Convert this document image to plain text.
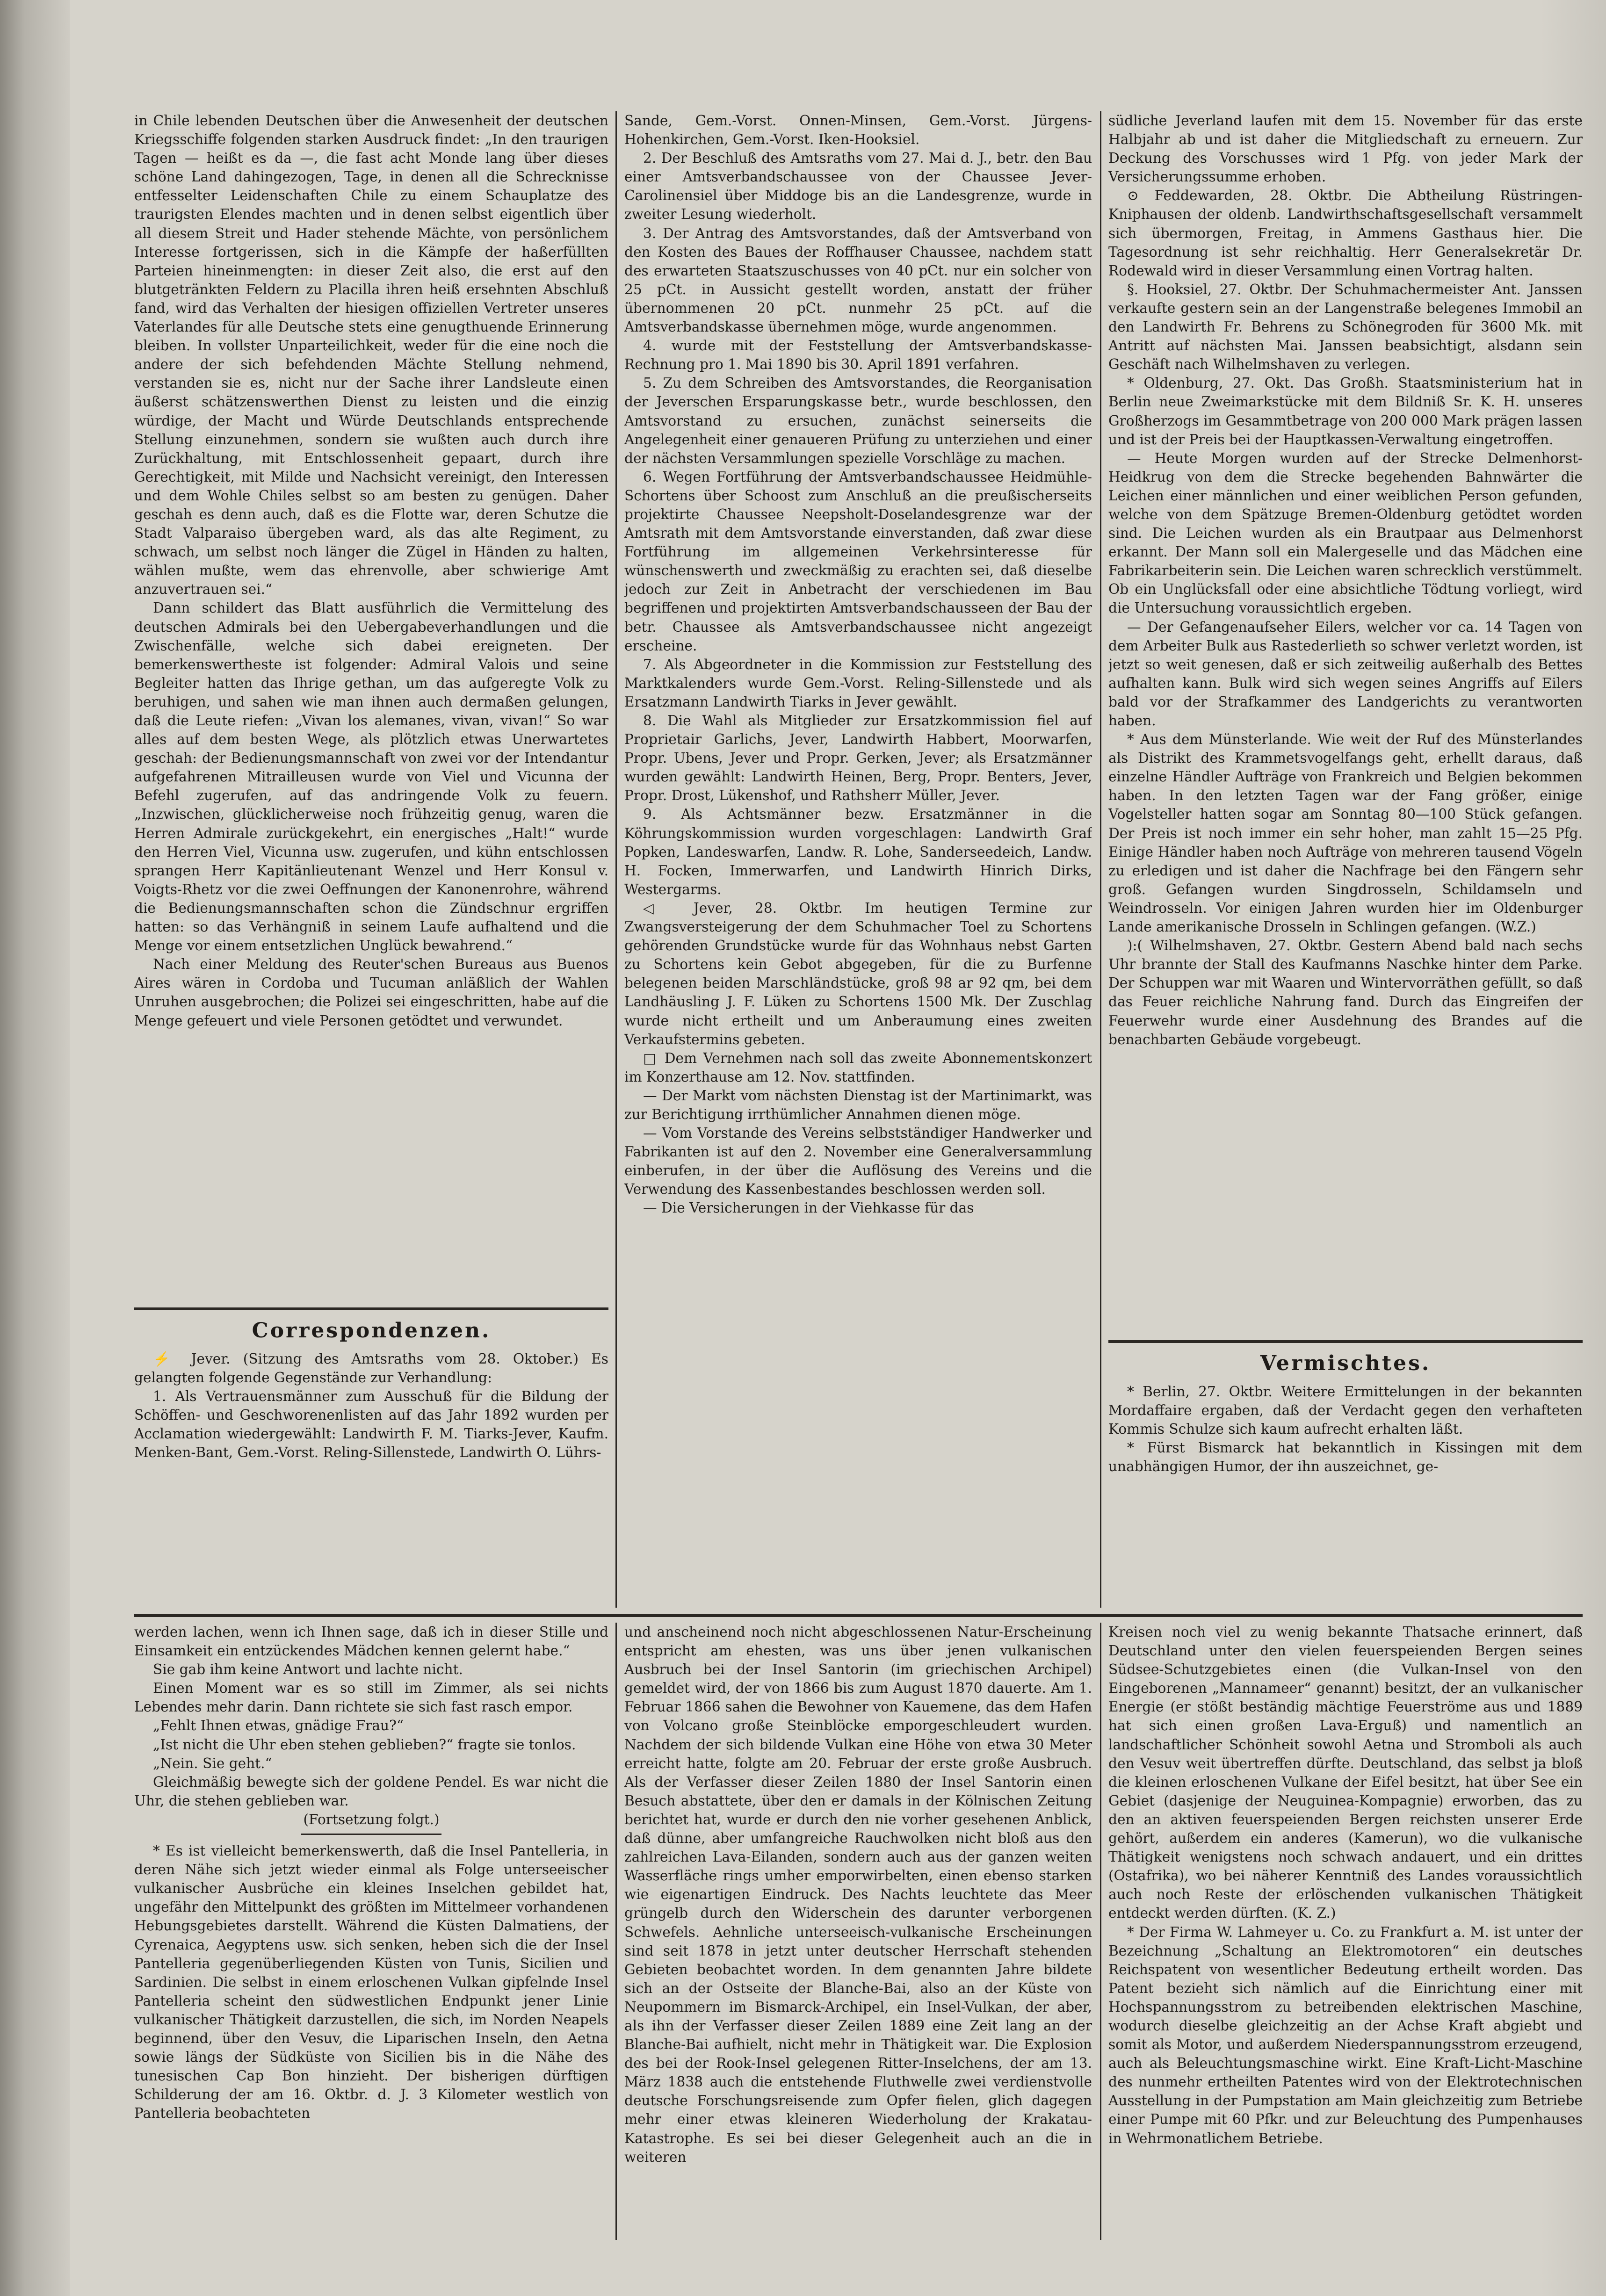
in Chile lebenden Deutschen über die Anwesenheit der deutschen Kriegsschiffe folgenden starken Ausdruck findet: „In den traurigen Tagen — heißt es da —, die fast acht Monde lang über dieses schöne Land dahingezogen, Tage, in denen all die Schrecknisse entfesselter Leidenschaften Chile zu einem Schauplatze des traurigsten Elendes machten und in denen selbst eigentlich über all diesem Streit und Hader stehende Mächte, von persönlichem Interesse fortgerissen, sich in die Kämpfe der haßerfüllten Parteien hineinmengten: in dieser Zeit also, die erst auf den blutgetränkten Feldern zu Placilla ihren heiß ersehnten Abschluß fand, wird das Verhalten der hiesigen offiziellen Vertreter unseres Vaterlandes für alle Deutsche stets eine genugthuende Erinnerung bleiben. In vollster Unparteilichkeit, weder für die eine noch die andere der sich befehdenden Mächte Stellung nehmend, verstanden sie es, nicht nur der Sache ihrer Landsleute einen äußerst schätzenswerthen Dienst zu leisten und die einzig würdige, der Macht und Würde Deutschlands entsprechende Stellung einzunehmen, sondern sie wußten auch durch ihre Zurückhaltung, mit Entschlossenheit gepaart, durch ihre Gerechtigkeit, mit Milde und Nachsicht vereinigt, den Interessen und dem Wohle Chiles selbst so am besten zu genügen. Daher geschah es denn auch, daß es die Flotte war, deren Schutze die Stadt Valparaiso übergeben ward, als das alte Regiment, zu schwach, um selbst noch länger die Zügel in Händen zu halten, wählen mußte, wem das ehrenvolle, aber schwierige Amt anzuvertrauen sei.“

Dann schildert das Blatt ausführlich die Vermittelung des deutschen Admirals bei den Uebergabeverhandlungen und die Zwischenfälle, welche sich dabei ereigneten. Der bemerkenswertheste ist folgender: Admiral Valois und seine Begleiter hatten das Ihrige gethan, um das aufgeregte Volk zu beruhigen, und sahen wie man ihnen auch dermaßen gelungen, daß die Leute riefen: „Vivan los alemanes, vivan, vivan!“ So war alles auf dem besten Wege, als plötzlich etwas Unerwartetes geschah: der Bedienungsmannschaft von zwei vor der Intendantur aufgefahrenen Mitrailleusen wurde von Viel und Vicunna der Befehl zugerufen, auf das andringende Volk zu feuern. „Inzwischen, glücklicherweise noch frühzeitig genug, waren die Herren Admirale zurückgekehrt, ein energisches „Halt!“ wurde den Herren Viel, Vicunna usw. zugerufen, und kühn entschlossen sprangen Herr Kapitänlieutenant Wenzel und Herr Konsul v. Voigts-Rhetz vor die zwei Oeffnungen der Kanonenrohre, während die Bedienungsmannschaften schon die Zündschnur ergriffen hatten: so das Verhängniß in seinem Laufe aufhaltend und die Menge vor einem entsetzlichen Unglück bewahrend.“

Nach einer Meldung des Reuter'schen Bureaus aus Buenos Aires wären in Cordoba und Tucuman anläßlich der Wahlen Unruhen ausgebrochen; die Polizei sei eingeschritten, habe auf die Menge gefeuert und viele Personen getödtet und verwundet.

Correspondenzen.

⚡ Jever. (Sitzung des Amtsraths vom 28. Oktober.) Es gelangten folgende Gegenstände zur Verhandlung:

1. Als Vertrauensmänner zum Ausschuß für die Bildung der Schöffen- und Geschworenenlisten auf das Jahr 1892 wurden per Acclamation wiedergewählt: Landwirth F. M. Tiarks-Jever, Kaufm. Menken-Bant, Gem.-Vorst. Reling-Sillenstede, Landwirth O. Lührs-

Sande, Gem.-Vorst. Onnen-Minsen, Gem.-Vorst. Jürgens-Hohenkirchen, Gem.-Vorst. Iken-Hooksiel.

2. Der Beschluß des Amtsraths vom 27. Mai d. J., betr. den Bau einer Amtsverbandschaussee von der Chaussee Jever-Carolinensiel über Middoge bis an die Landesgrenze, wurde in zweiter Lesung wiederholt.

3. Der Antrag des Amtsvorstandes, daß der Amtsverband von den Kosten des Baues der Roffhauser Chaussee, nachdem statt des erwarteten Staatszuschusses von 40 pCt. nur ein solcher von 25 pCt. in Aussicht gestellt worden, anstatt der früher übernommenen 20 pCt. nunmehr 25 pCt. auf die Amtsverbandskasse übernehmen möge, wurde angenommen.

4. wurde mit der Feststellung der Amtsverbandskasse-Rechnung pro 1. Mai 1890 bis 30. April 1891 verfahren.

5. Zu dem Schreiben des Amtsvorstandes, die Reorganisation der Jeverschen Ersparungskasse betr., wurde beschlossen, den Amtsvorstand zu ersuchen, zunächst seinerseits die Angelegenheit einer genaueren Prüfung zu unterziehen und einer der nächsten Versammlungen spezielle Vorschläge zu machen.

6. Wegen Fortführung der Amtsverbandschaussee Heidmühle-Schortens über Schoost zum Anschluß an die preußischerseits projektirte Chaussee Neepsholt-Doselandesgrenze war der Amtsrath mit dem Amtsvorstande einverstanden, daß zwar diese Fortführung im allgemeinen Verkehrsinteresse für wünschenswerth und zweckmäßig zu erachten sei, daß dieselbe jedoch zur Zeit in Anbetracht der verschiedenen im Bau begriffenen und projektirten Amtsverbandschausseen der Bau der betr. Chaussee als Amtsverbandschaussee nicht angezeigt erscheine.

7. Als Abgeordneter in die Kommission zur Feststellung des Marktkalenders wurde Gem.-Vorst. Reling-Sillenstede und als Ersatzmann Landwirth Tiarks in Jever gewählt.

8. Die Wahl als Mitglieder zur Ersatzkommission fiel auf Proprietair Garlichs, Jever, Landwirth Habbert, Moorwarfen, Propr. Ubens, Jever und Propr. Gerken, Jever; als Ersatzmänner wurden gewählt: Landwirth Heinen, Berg, Propr. Benters, Jever, Propr. Drost, Lükenshof, und Rathsherr Müller, Jever.

9. Als Achtsmänner bezw. Ersatzmänner in die Köhrungskommission wurden vorgeschlagen: Landwirth Graf Popken, Landeswarfen, Landw. R. Lohe, Sanderseedeich, Landw. H. Focken, Immerwarfen, und Landwirth Hinrich Dirks, Westergarms.

◁ Jever, 28. Oktbr. Im heutigen Termine zur Zwangsversteigerung der dem Schuhmacher Toel zu Schortens gehörenden Grundstücke wurde für das Wohnhaus nebst Garten zu Schortens kein Gebot abgegeben, für die zu Burfenne belegenen beiden Marschländstücke, groß 98 ar 92 qm, bei dem Landhäusling J. F. Lüken zu Schortens 1500 Mk. Der Zuschlag wurde nicht ertheilt und um Anberaumung eines zweiten Verkaufstermins gebeten.

□ Dem Vernehmen nach soll das zweite Abonnementskonzert im Konzerthause am 12. Nov. stattfinden.

— Der Markt vom nächsten Dienstag ist der Martinimarkt, was zur Berichtigung irrthümlicher Annahmen dienen möge.

— Vom Vorstande des Vereins selbstständiger Handwerker und Fabrikanten ist auf den 2. November eine Generalversammlung einberufen, in der über die Auflösung des Vereins und die Verwendung des Kassenbestandes beschlossen werden soll.

— Die Versicherungen in der Viehkasse für das

südliche Jeverland laufen mit dem 15. November für das erste Halbjahr ab und ist daher die Mitgliedschaft zu erneuern. Zur Deckung des Vorschusses wird 1 Pfg. von jeder Mark der Versicherungssumme erhoben.

⊙ Feddewarden, 28. Oktbr. Die Abtheilung Rüstringen-Kniphausen der oldenb. Landwirthschaftsgesellschaft versammelt sich übermorgen, Freitag, in Ammens Gasthaus hier. Die Tagesordnung ist sehr reichhaltig. Herr Generalsekretär Dr. Rodewald wird in dieser Versammlung einen Vortrag halten.

§. Hooksiel, 27. Oktbr. Der Schuhmachermeister Ant. Janssen verkaufte gestern sein an der Langenstraße belegenes Immobil an den Landwirth Fr. Behrens zu Schönegroden für 3600 Mk. mit Antritt auf nächsten Mai. Janssen beabsichtigt, alsdann sein Geschäft nach Wilhelmshaven zu verlegen.

* Oldenburg, 27. Okt. Das Großh. Staatsministerium hat in Berlin neue Zweimarkstücke mit dem Bildniß Sr. K. H. unseres Großherzogs im Gesammtbetrage von 200 000 Mark prägen lassen und ist der Preis bei der Hauptkassen-Verwaltung eingetroffen.

— Heute Morgen wurden auf der Strecke Delmenhorst-Heidkrug von dem die Strecke begehenden Bahnwärter die Leichen einer männlichen und einer weiblichen Person gefunden, welche von dem Spätzuge Bremen-Oldenburg getödtet worden sind. Die Leichen wurden als ein Brautpaar aus Delmenhorst erkannt. Der Mann soll ein Malergeselle und das Mädchen eine Fabrikarbeiterin sein. Die Leichen waren schrecklich verstümmelt. Ob ein Unglücksfall oder eine absichtliche Tödtung vorliegt, wird die Untersuchung voraussichtlich ergeben.

— Der Gefangenaufseher Eilers, welcher vor ca. 14 Tagen von dem Arbeiter Bulk aus Rastederlieth so schwer verletzt worden, ist jetzt so weit genesen, daß er sich zeitweilig außerhalb des Bettes aufhalten kann. Bulk wird sich wegen seines Angriffs auf Eilers bald vor der Strafkammer des Landgerichts zu verantworten haben.

* Aus dem Münsterlande. Wie weit der Ruf des Münsterlandes als Distrikt des Krammetsvogelfangs geht, erhellt daraus, daß einzelne Händler Aufträge von Frankreich und Belgien bekommen haben. In den letzten Tagen war der Fang größer, einige Vogelsteller hatten sogar am Sonntag 80—100 Stück gefangen. Der Preis ist noch immer ein sehr hoher, man zahlt 15—25 Pfg. Einige Händler haben noch Aufträge von mehreren tausend Vögeln zu erledigen und ist daher die Nachfrage bei den Fängern sehr groß. Gefangen wurden Singdrosseln, Schildamseln und Weindrosseln. Vor einigen Jahren wurden hier im Oldenburger Lande amerikanische Drosseln in Schlingen gefangen. (W.Z.)

):( Wilhelmshaven, 27. Oktbr. Gestern Abend bald nach sechs Uhr brannte der Stall des Kaufmanns Naschke hinter dem Parke. Der Schuppen war mit Waaren und Wintervorräthen gefüllt, so daß das Feuer reichliche Nahrung fand. Durch das Eingreifen der Feuerwehr wurde einer Ausdehnung des Brandes auf die benachbarten Gebäude vorgebeugt.

Vermischtes.

* Berlin, 27. Oktbr. Weitere Ermittelungen in der bekannten Mordaffaire ergaben, daß der Verdacht gegen den verhafteten Kommis Schulze sich kaum aufrecht erhalten läßt.

* Fürst Bismarck hat bekanntlich in Kissingen mit dem unabhängigen Humor, der ihn auszeichnet, ge-

werden lachen, wenn ich Ihnen sage, daß ich in dieser Stille und Einsamkeit ein entzückendes Mädchen kennen gelernt habe.“

Sie gab ihm keine Antwort und lachte nicht.

Einen Moment war es so still im Zimmer, als sei nichts Lebendes mehr darin. Dann richtete sie sich fast rasch empor.

„Fehlt Ihnen etwas, gnädige Frau?“

„Ist nicht die Uhr eben stehen geblieben?“ fragte sie tonlos.

„Nein. Sie geht.“

Gleichmäßig bewegte sich der goldene Pendel. Es war nicht die Uhr, die stehen geblieben war.

(Fortsetzung folgt.)

* Es ist vielleicht bemerkenswerth, daß die Insel Pantelleria, in deren Nähe sich jetzt wieder einmal als Folge unterseeischer vulkanischer Ausbrüche ein kleines Inselchen gebildet hat, ungefähr den Mittelpunkt des größten im Mittelmeer vorhandenen Hebungsgebietes darstellt. Während die Küsten Dalmatiens, der Cyrenaica, Aegyptens usw. sich senken, heben sich die der Insel Pantelleria gegenüberliegenden Küsten von Tunis, Sicilien und Sardinien. Die selbst in einem erloschenen Vulkan gipfelnde Insel Pantelleria scheint den südwestlichen Endpunkt jener Linie vulkanischer Thätigkeit darzustellen, die sich, im Norden Neapels beginnend, über den Vesuv, die Liparischen Inseln, den Aetna sowie längs der Südküste von Sicilien bis in die Nähe des tunesischen Cap Bon hinzieht. Der bisherigen dürftigen Schilderung der am 16. Oktbr. d. J. 3 Kilometer westlich von Pantelleria beobachteten

und anscheinend noch nicht abgeschlossenen Natur-Erscheinung entspricht am ehesten, was uns über jenen vulkanischen Ausbruch bei der Insel Santorin (im griechischen Archipel) gemeldet wird, der von 1866 bis zum August 1870 dauerte. Am 1. Februar 1866 sahen die Bewohner von Kauemene, das dem Hafen von Volcano große Steinblöcke emporgeschleudert wurden. Nachdem der sich bildende Vulkan eine Höhe von etwa 30 Meter erreicht hatte, folgte am 20. Februar der erste große Ausbruch. Als der Verfasser dieser Zeilen 1880 der Insel Santorin einen Besuch abstattete, über den er damals in der Kölnischen Zeitung berichtet hat, wurde er durch den nie vorher gesehenen Anblick, daß dünne, aber umfangreiche Rauchwolken nicht bloß aus den zahlreichen Lava-Eilanden, sondern auch aus der ganzen weiten Wasserfläche rings umher emporwirbelten, einen ebenso starken wie eigenartigen Eindruck. Des Nachts leuchtete das Meer grüngelb durch den Widerschein des darunter verborgenen Schwefels. Aehnliche unterseeisch-vulkanische Erscheinungen sind seit 1878 in jetzt unter deutscher Herrschaft stehenden Gebieten beobachtet worden. In dem genannten Jahre bildete sich an der Ostseite der Blanche-Bai, also an der Küste von Neupommern im Bismarck-Archipel, ein Insel-Vulkan, der aber, als ihn der Verfasser dieser Zeilen 1889 eine Zeit lang an der Blanche-Bai aufhielt, nicht mehr in Thätigkeit war. Die Explosion des bei der Rook-Insel gelegenen Ritter-Inselchens, der am 13. März 1838 auch die entstehende Fluthwelle zwei verdienstvolle deutsche Forschungsreisende zum Opfer fielen, glich dagegen mehr einer etwas kleineren Wiederholung der Krakatau-Katastrophe. Es sei bei dieser Gelegenheit auch an die in weiteren

Kreisen noch viel zu wenig bekannte Thatsache erinnert, daß Deutschland unter den vielen feuerspeienden Bergen seines Südsee-Schutzgebietes einen (die Vulkan-Insel von den Eingeborenen „Mannameer“ genannt) besitzt, der an vulkanischer Energie (er stößt beständig mächtige Feuerströme aus und 1889 hat sich einen großen Lava-Erguß) und namentlich an landschaftlicher Schönheit sowohl Aetna und Stromboli als auch den Vesuv weit übertreffen dürfte. Deutschland, das selbst ja bloß die kleinen erloschenen Vulkane der Eifel besitzt, hat über See ein Gebiet (dasjenige der Neuguinea-Kompagnie) erworben, das zu den an aktiven feuerspeienden Bergen reichsten unserer Erde gehört, außerdem ein anderes (Kamerun), wo die vulkanische Thätigkeit wenigstens noch schwach andauert, und ein drittes (Ostafrika), wo bei näherer Kenntniß des Landes voraussichtlich auch noch Reste der erlöschenden vulkanischen Thätigkeit entdeckt werden dürften. (K. Z.)

* Der Firma W. Lahmeyer u. Co. zu Frankfurt a. M. ist unter der Bezeichnung „Schaltung an Elektromotoren“ ein deutsches Reichspatent von wesentlicher Bedeutung ertheilt worden. Das Patent bezieht sich nämlich auf die Einrichtung einer mit Hochspannungsstrom zu betreibenden elektrischen Maschine, wodurch dieselbe gleichzeitig an der Achse Kraft abgiebt und somit als Motor, und außerdem Niederspannungsstrom erzeugend, auch als Beleuchtungsmaschine wirkt. Eine Kraft-Licht-Maschine des nunmehr ertheilten Patentes wird von der Elektrotechnischen Ausstellung in der Pumpstation am Main gleichzeitig zum Betriebe einer Pumpe mit 60 Pfkr. und zur Beleuchtung des Pumpenhauses in Wehrmonatlichem Betriebe.
